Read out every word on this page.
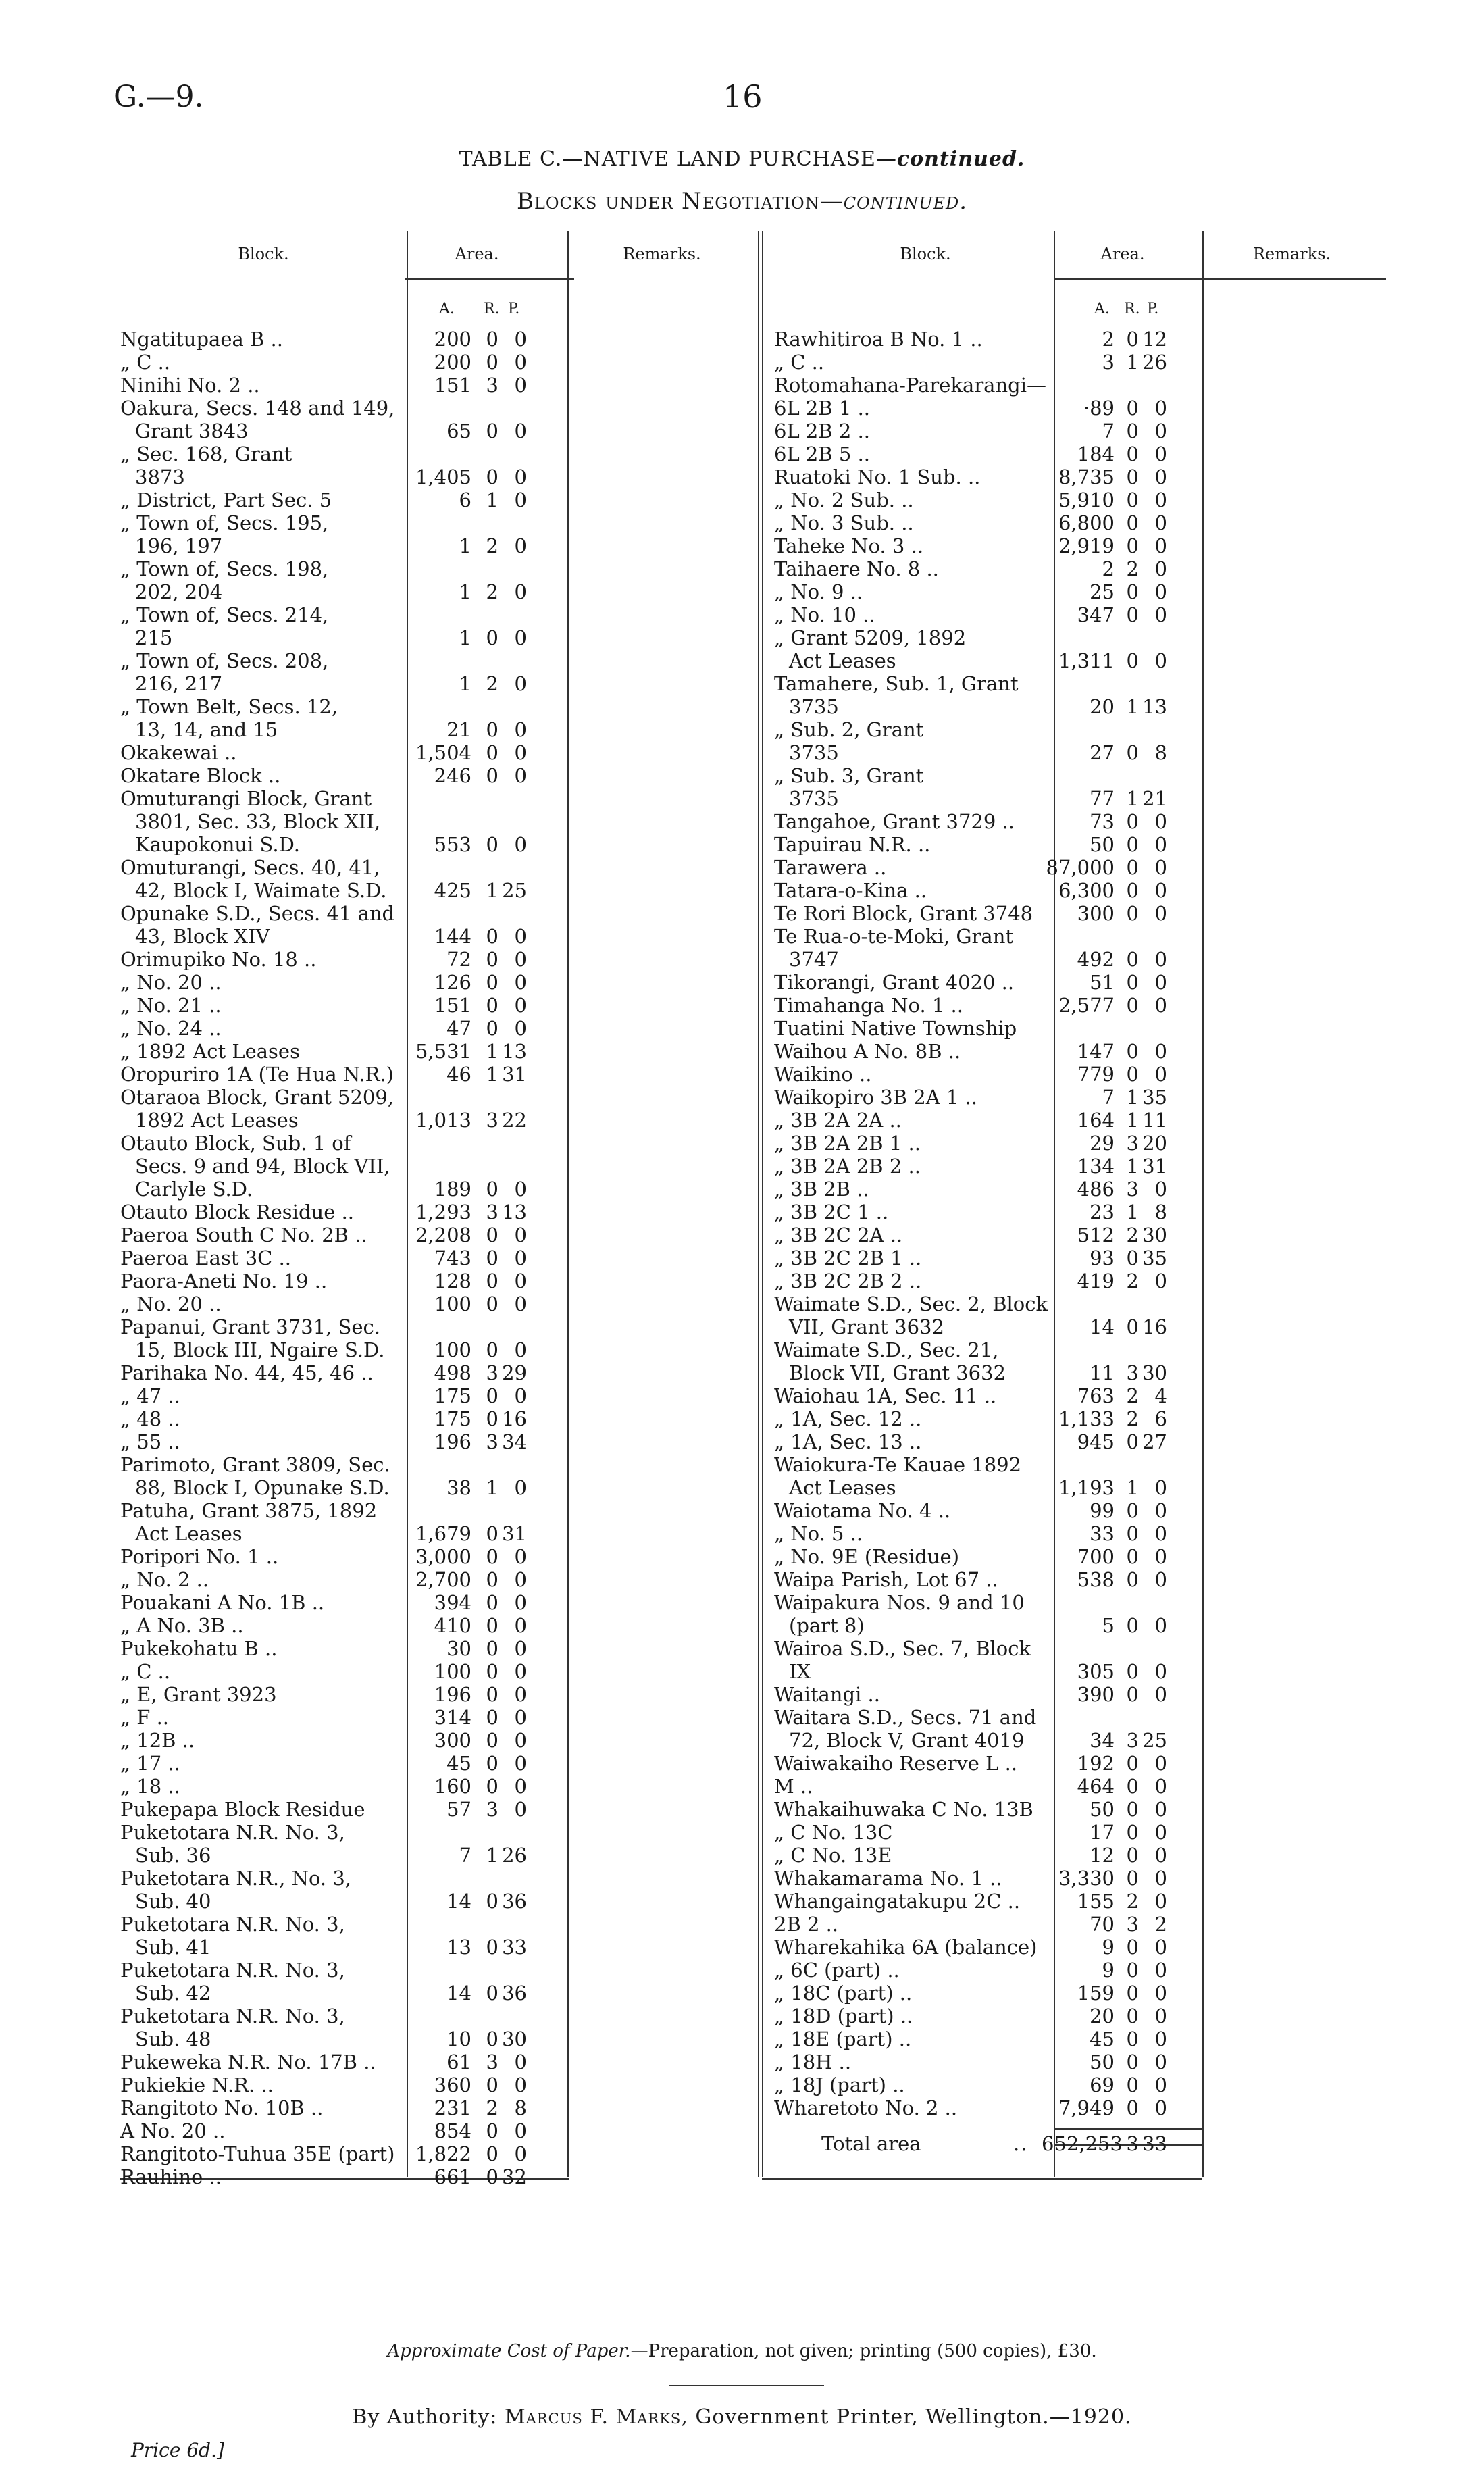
G.—9.	16
TABLE C.—NATIVE LAND PURCHASE—continued.
Blocks under Negotiation—continued.
Block.	Area.	Remarks.	Block.	Area.	Remarks.
A. R. P.
Ngatitupaea B ..	200 0 0
„ C ..	200 0 0
Ninihi No. 2 ..	151 3 0
Oakura, Secs. 148 and 149,
Grant 3843	65 0 0
„ Sec. 168, Grant
3873	1,405 0 0
„ District, Part Sec. 5	6 1 0
„ Town of, Secs. 195,
196, 197	1 2 0
„ Town of, Secs. 198,
202, 204	1 2 0
„ Town of, Secs. 214,
215	1 0 0
„ Town of, Secs. 208,
216, 217	1 2 0
„ Town Belt, Secs. 12,
13, 14, and 15	21 0 0
Okakewai ..	1,504 0 0
Okatare Block ..	246 0 0
Omuturangi Block, Grant
3801, Sec. 33, Block XII,
Kaupokonui S.D.	553 0 0
Omuturangi, Secs. 40, 41,
42, Block I, Waimate S.D.	425 1 25
Opunake S.D., Secs. 41 and
43, Block XIV	144 0 0
Orimupiko No. 18 ..	72 0 0
„ No. 20 ..	126 0 0
„ No. 21 ..	151 0 0
„ No. 24 ..	47 0 0
„ 1892 Act Leases	5,531 1 13
Oropuriro 1A (Te Hua N.R.)	46 1 31
Otaraoa Block, Grant 5209,
1892 Act Leases	1,013 3 22
Otauto Block, Sub. 1 of
Secs. 9 and 94, Block VII,
Carlyle S.D.	189 0 0
Otauto Block Residue ..	1,293 3 13
Paeroa South C No. 2B .. 2,208 0 0
Paeroa East 3C ..	743 0 0
Paora-Aneti No. 19 ..	128 0 0
„ No. 20 ..	100 0 0
Papanui, Grant 3731, Sec.
15, Block III, Ngaire S.D.	100 0 0
Parihaka No. 44, 45, 46 ..	498 3 29
„ 47 ..	175 0 0
„ 48 ..	175 0 16
„ 55 ..	196 3 34
Parimoto, Grant 3809, Sec.
88, Block I, Opunake S.D.	38 1 0
Patuha, Grant 3875, 1892
Act Leases	1,679 0 31
Poripori No. 1 ..	3,000 0 0
„ No. 2 ..	2,700 0 0
Pouakani A No. 1B ..	394 0 0
„ A No. 3B ..	410 0 0
Pukekohatu B ..	30 0 0
„ C ..	100 0 0
„ E, Grant 3923	196 0 0
„ F ..	314 0 0
„ 12B ..	300 0 0
„ 17 ..	45 0 0
„ 18 ..	160 0 0
Pukepapa Block Residue	57 3 0
Puketotara N.R. No. 3,
Sub. 36	7 1 26
Puketotara N.R., No. 3,
Sub. 40	14 0 36
Puketotara N.R. No. 3,
Sub. 41	13 0 33
Puketotara N.R. No. 3,
Sub. 42	14 0 36
Puketotara N.R. No. 3,
Sub. 48	10 0 30
Pukeweka N.R. No. 17B ..	61 3 0
Pukiekie N.R. ..	360 0 0
Rangitoto No. 10B ..	231 2 8
A No. 20 ..	854 0 0
Rangitoto-Tuhua 35E (part) 1,822 0 0
Rauhine ..	661 0 32
A. R. P.
Rawhitiroa B No. 1 ..	2 0 12
„ C ..	3 1 26
Rotomahana-Parekarangi—
6L 2B 1 ..	·89 0 0
6L 2B 2 ..	7 0 0
6L 2B 5 ..	184 0 0
Ruatoki No. 1 Sub. ..	8,735 0 0
„ No. 2 Sub. ..	5,910 0 0
„ No. 3 Sub. ..	6,800 0 0
Taheke No. 3 ..	2,919 0 0
Taihaere No. 8 ..	2 2 0
„ No. 9 ..	25 0 0
„ No. 10 ..	347 0 0
„ Grant 5209, 1892
Act Leases	1,311 0 0
Tamahere, Sub. 1, Grant
3735	20 1 13
„ Sub. 2, Grant
3735	27 0 8
„ Sub. 3, Grant
3735	77 1 21
Tangahoe, Grant 3729 ..	73 0 0
Tapuirau N.R. ..	50 0 0
Tarawera ..	87,000 0 0
Tatara-o-Kina ..	6,300 0 0
Te Rori Block, Grant 3748	300 0 0
Te Rua-o-te-Moki, Grant
3747	492 0 0
Tikorangi, Grant 4020 ..	51 0 0
Timahanga No. 1 ..	2,577 0 0
Tuatini Native Township
Waihou A No. 8B ..	147 0 0
Waikino ..	779 0 0
Waikopiro 3B 2A 1 ..	7 1 35
„ 3B 2A 2A ..	164 1 11
„ 3B 2A 2B 1 ..	29 3 20
„ 3B 2A 2B 2 ..	134 1 31
„ 3B 2B ..	486 3 0
„ 3B 2C 1 ..	23 1 8
„ 3B 2C 2A ..	512 2 30
„ 3B 2C 2B 1 ..	93 0 35
„ 3B 2C 2B 2 ..	419 2 0
Waimate S.D., Sec. 2, Block
VII, Grant 3632	14 0 16
Waimate S.D., Sec. 21,
Block VII, Grant 3632	11 3 30
Waiohau 1A, Sec. 11 ..	763 2 4
„ 1A, Sec. 12 ..	1,133 2 6
„ 1A, Sec. 13 ..	945 0 27
Waiokura-Te Kauae 1892
Act Leases	1,193 1 0
Waiotama No. 4 ..	99 0 0
„ No. 5 ..	33 0 0
„ No. 9E (Residue)	700 0 0
Waipa Parish, Lot 67 ..	538 0 0
Waipakura Nos. 9 and 10
(part 8)	5 0 0
Wairoa S.D., Sec. 7, Block
IX	305 0 0
Waitangi ..	390 0 0
Waitara S.D., Secs. 71 and
72, Block V, Grant 4019	34 3 25
Waiwakaiho Reserve L ..	192 0 0
M ..	464 0 0
Whakaihuwaka C No. 13B	50 0 0
„ C No. 13C	17 0 0
„ C No. 13E	12 0 0
Whakamarama No. 1 ..	3,330 0 0
Whangaingatakupu 2C ..	155 2 0
2B 2 ..	70 3 2
Wharekahika 6A (balance)	9 0 0
„ 6C (part) ..	9 0 0
„ 18C (part) ..	159 0 0
„ 18D (part) ..	20 0 0
„ 18E (part) ..	45 0 0
„ 18H ..	50 0 0
„ 18J (part) ..	69 0 0
Wharetoto No. 2 ..	7,949 0 0
Total area	.. 652,253 3 33
Approximate Cost of Paper.—Preparation, not given; printing (500 copies), £30.
By Authority: Marcus F. Marks, Government Printer, Wellington.—1920.
Price 6d.]
